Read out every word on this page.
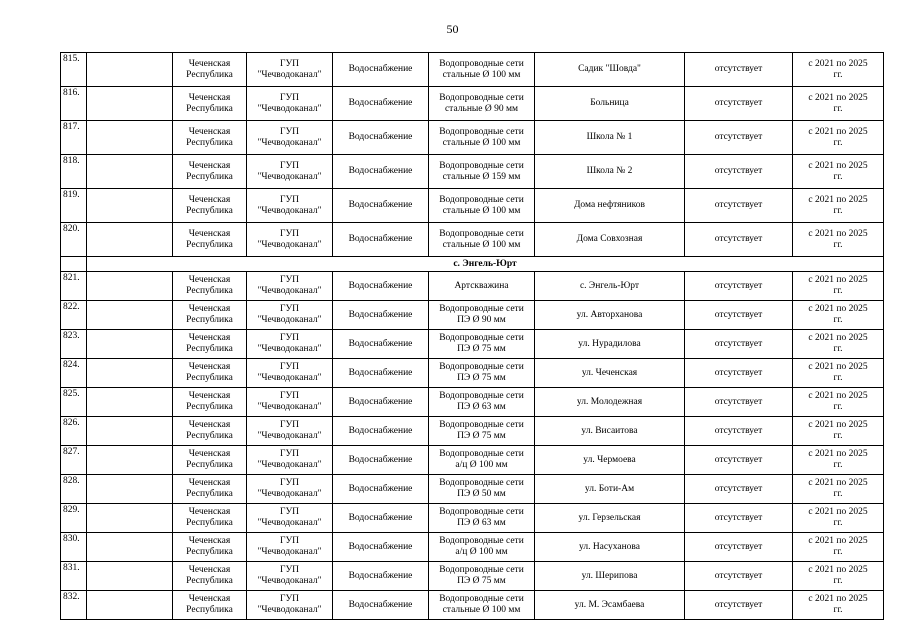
50
815.		Чеченская
Республика	ГУП
"Чечводоканал"	Водоснабжение	Водопроводные сети
стальные Ø 100 мм	Садик "Шовда"	отсутствует	с 2021 по 2025
гг.

816.		Чеченская
Республика	ГУП
"Чечводоканал"	Водоснабжение	Водопроводные сети
стальные Ø 90 мм	Больница	отсутствует	с 2021 по 2025
гг.

817.		Чеченская
Республика	ГУП
"Чечводоканал"	Водоснабжение	Водопроводные сети
стальные Ø 100 мм	Школа № 1	отсутствует	с 2021 по 2025
гг.

818.		Чеченская
Республика	ГУП
"Чечводоканал"	Водоснабжение	Водопроводные сети
стальные Ø 159 мм	Школа № 2	отсутствует	с 2021 по 2025
гг.

819.		Чеченская
Республика	ГУП
"Чечводоканал"	Водоснабжение	Водопроводные сети
стальные Ø 100 мм	Дома нефтяников	отсутствует	с 2021 по 2025
гг.

820.		Чеченская
Республика	ГУП
"Чечводоканал"	Водоснабжение	Водопроводные сети
стальные Ø 100 мм	Дома Совхозная	отсутствует	с 2021 по 2025
гг.

	с. Энгель-Юрт							
821.		Чеченская
Республика	ГУП
"Чечводоканал"	Водоснабжение	Артскважина	с. Энгель-Юрт	отсутствует	с 2021 по 2025
гг.

822.		Чеченская
Республика	ГУП
"Чечводоканал"	Водоснабжение	Водопроводные сети
ПЭ Ø 90 мм	ул. Авторханова	отсутствует	с 2021 по 2025
гг.

823.		Чеченская
Республика	ГУП
"Чечводоканал"	Водоснабжение	Водопроводные сети
ПЭ Ø 75 мм	ул. Нурадилова	отсутствует	с 2021 по 2025
гг.

824.		Чеченская
Республика	ГУП
"Чечводоканал"	Водоснабжение	Водопроводные сети
ПЭ Ø 75 мм	ул. Чеченская	отсутствует	с 2021 по 2025
гг.

825.		Чеченская
Республика	ГУП
"Чечводоканал"	Водоснабжение	Водопроводные сети
ПЭ Ø 63 мм	ул. Молодежная	отсутствует	с 2021 по 2025
гг.

826.		Чеченская
Республика	ГУП
"Чечводоканал"	Водоснабжение	Водопроводные сети
ПЭ Ø 75 мм	ул. Висаитова	отсутствует	с 2021 по 2025
гг.

827.		Чеченская
Республика	ГУП
"Чечводоканал"	Водоснабжение	Водопроводные сети
а/ц Ø 100 мм	ул. Чермоева	отсутствует	с 2021 по 2025
гг.

828.		Чеченская
Республика	ГУП
"Чечводоканал"	Водоснабжение	Водопроводные сети
ПЭ Ø 50 мм	ул. Боти-Ам	отсутствует	с 2021 по 2025
гг.

829.		Чеченская
Республика	ГУП
"Чечводоканал"	Водоснабжение	Водопроводные сети
ПЭ Ø 63 мм	ул. Герзельская	отсутствует	с 2021 по 2025
гг.

830.		Чеченская
Республика	ГУП
"Чечводоканал"	Водоснабжение	Водопроводные сети
а/ц Ø 100 мм	ул. Насуханова	отсутствует	с 2021 по 2025
гг.

831.		Чеченская
Республика	ГУП
"Чечводоканал"	Водоснабжение	Водопроводные сети
ПЭ Ø 75 мм	ул. Шерипова	отсутствует	с 2021 по 2025
гг.

832.		Чеченская
Республика	ГУП
"Чечводоканал"	Водоснабжение	Водопроводные сети
стальные Ø 100 мм	ул. М. Эсамбаева	отсутствует	с 2021 по 2025
гг.
